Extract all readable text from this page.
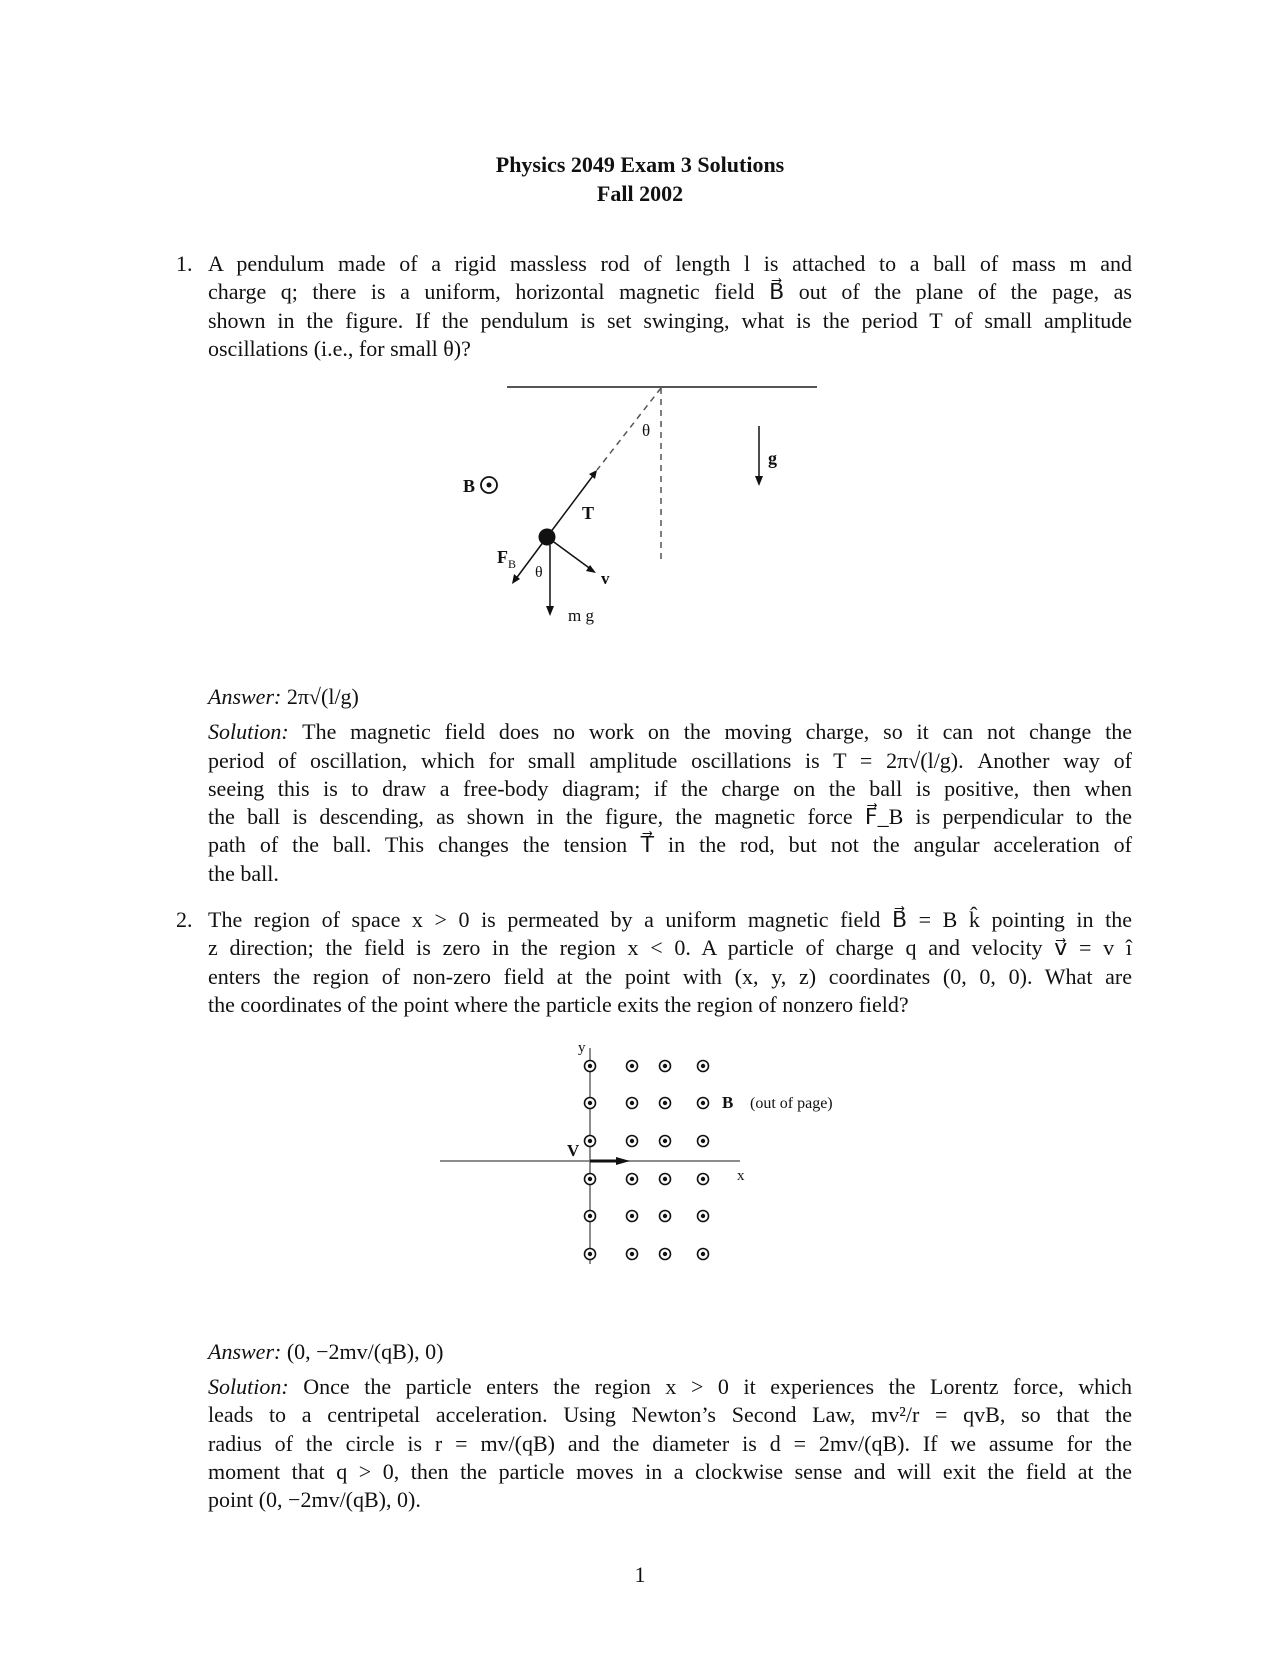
Physics 2049 Exam 3 Solutions
Fall 2002
1. A pendulum made of a rigid massless rod of length l is attached to a ball of mass m and
charge q; there is a uniform, horizontal magnetic field B⃗ out of the plane of the page, as
shown in the figure. If the pendulum is set swinging, what is the period T of small amplitude
oscillations (i.e., for small θ)?
θ
g
B
T
$F_B$ θ	v
m g
y
x
V
B (out of page)
Answer: 2π√(l/g)
Solution: The magnetic field does no work on the moving charge, so it can not change the
period of oscillation, which for small amplitude oscillations is T = 2π√(l/g). Another way of
seeing this is to draw a free-body diagram; if the charge on the ball is positive, then when
the ball is descending, as shown in the figure, the magnetic force F⃗_B is perpendicular to the
path of the ball. This changes the tension T⃗ in the rod, but not the angular acceleration of
the ball.
2. The region of space x > 0 is permeated by a uniform magnetic field B⃗ = B k̂ pointing in the
z direction; the field is zero in the region x < 0. A particle of charge q and velocity v⃗ = v î
enters the region of non-zero field at the point with (x, y, z) coordinates (0, 0, 0). What are
the coordinates of the point where the particle exits the region of nonzero field?
Answer: (0, −2mv/(qB), 0)
Solution: Once the particle enters the region x > 0 it experiences the Lorentz force, which
leads to a centripetal acceleration. Using Newton’s Second Law, mv²/r = qvB, so that the
radius of the circle is r = mv/(qB) and the diameter is d = 2mv/(qB). If we assume for the
moment that q > 0, then the particle moves in a clockwise sense and will exit the field at the
point (0, −2mv/(qB), 0).
1
